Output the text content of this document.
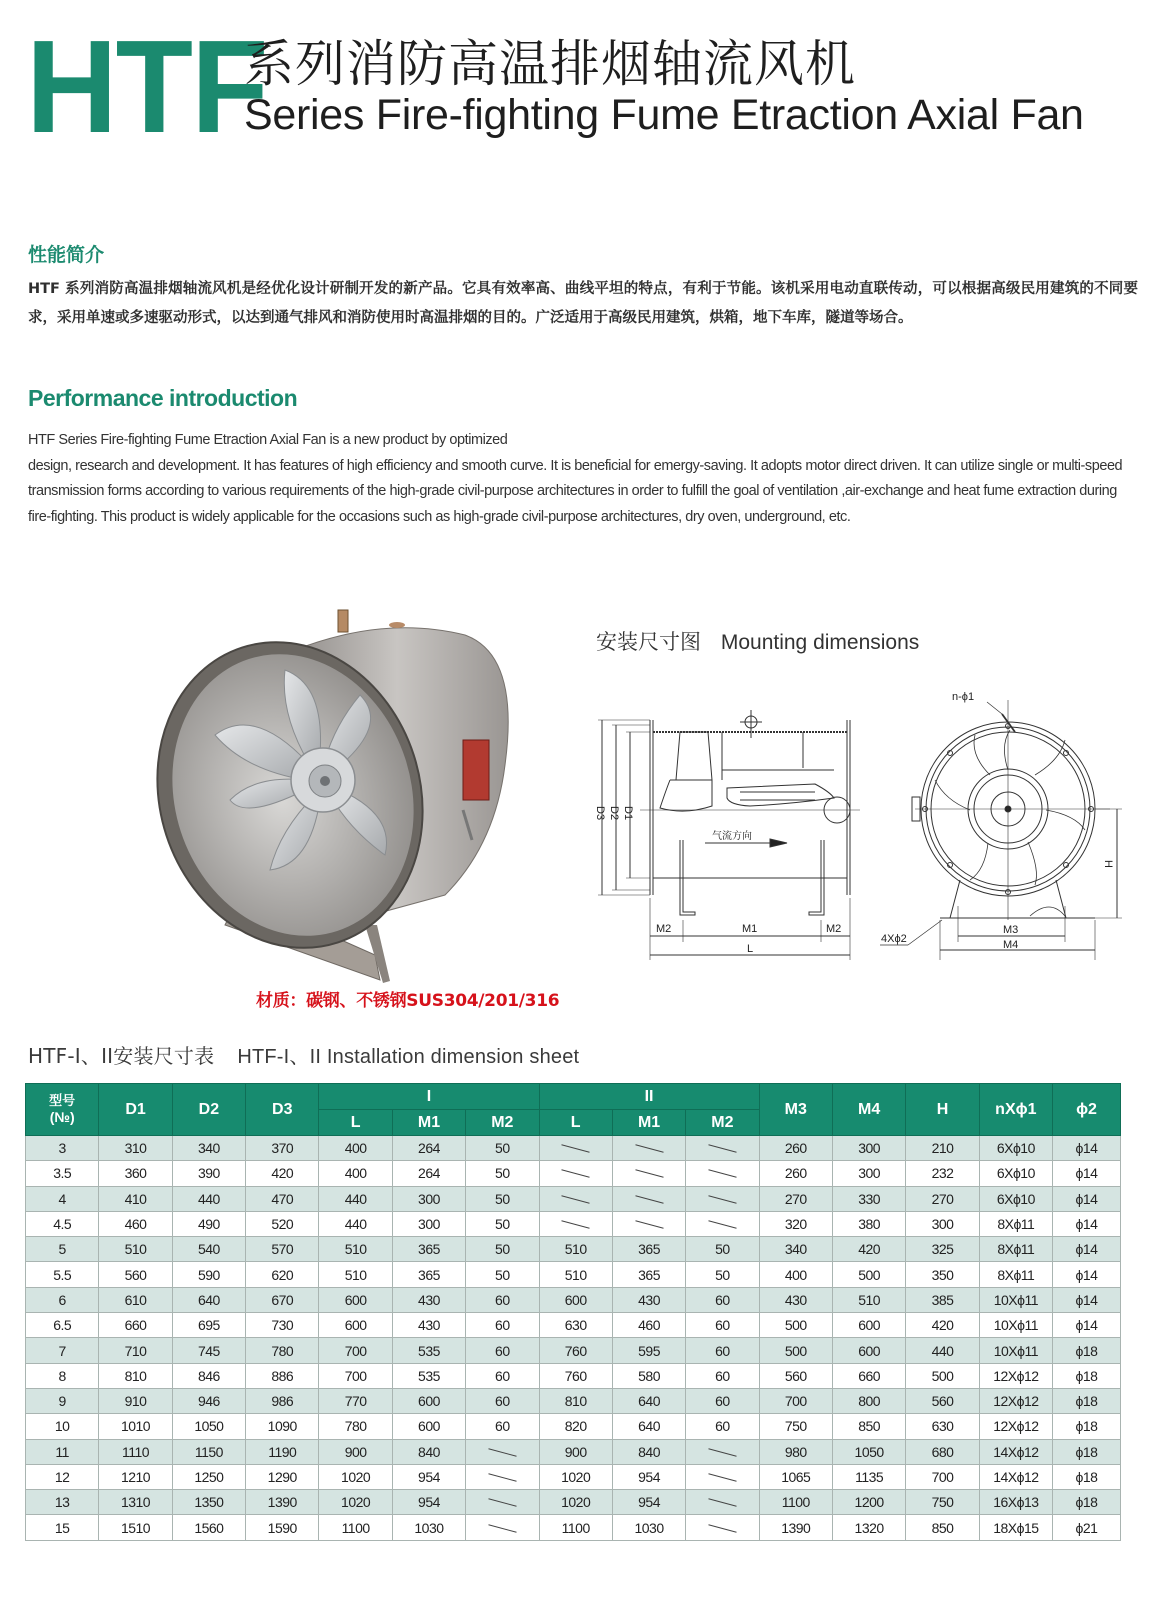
HTF
系列消防高温排烟轴流风机
Series Fire-fighting Fume Etraction Axial Fan
性能简介
HTF 系列消防高温排烟轴流风机是经优化设计研制开发的新产品。它具有效率高、曲线平坦的特点，有利于节能。该机采用电动直联传动，可以根据高级民用建筑的不同要求，采用单速或多速驱动形式，以达到通气排风和消防使用时高温排烟的目的。广泛适用于高级民用建筑，烘箱，地下车库，隧道等场合。
Performance introduction

HTF Series Fire-fighting Fume Etraction Axial Fan is a new product by optimized

design, research and development. It has features of high efficiency and smooth curve. It is beneficial for emergy-saving. It adopts motor direct driven. It can utilize single or multi-speed transmission forms according to various requirements of the high-grade civil-purpose architectures in order to fulfill the goal of ventilation ,air-exchange and heat fume extraction during fire-fighting. This product is widely applicable for the occasions such as high-grade civil-purpose architectures, dry oven, underground, etc.

材质：碳钢、不锈钢SUS304/201/316
安装尺寸图 Mounting dimensions
气流方向
D3 D2 D1
M2	M1	M2
L
H
M3
M4
n-ϕ1
4Xϕ2
HTF-I、II安装尺寸表 HTF-I、II Installation dimension sheet
型号
(№)	D1	D2	D3	I			II			M3	M4	H	nXϕ1	ϕ2
				L	M1	M2	L	M1	M2					
3	310	340	370	400	264	50				260	300	210	6Xϕ10	ϕ14
3.5	360	390	420	400	264	50				260	300	232	6Xϕ10	ϕ14
4	410	440	470	440	300	50				270	330	270	6Xϕ10	ϕ14
4.5	460	490	520	440	300	50				320	380	300	8Xϕ11	ϕ14
5	510	540	570	510	365	50	510	365	50	340	420	325	8Xϕ11	ϕ14
5.5	560	590	620	510	365	50	510	365	50	400	500	350	8Xϕ11	ϕ14
6	610	640	670	600	430	60	600	430	60	430	510	385	10Xϕ11	ϕ14
6.5	660	695	730	600	430	60	630	460	60	500	600	420	10Xϕ11	ϕ14
7	710	745	780	700	535	60	760	595	60	500	600	440	10Xϕ11	ϕ18
8	810	846	886	700	535	60	760	580	60	560	660	500	12Xϕ12	ϕ18
9	910	946	986	770	600	60	810	640	60	700	800	560	12Xϕ12	ϕ18
10	1010	1050	1090	780	600	60	820	640	60	750	850	630	12Xϕ12	ϕ18
11	1110	1150	1190	900	840		900	840		980	1050	680	14Xϕ12	ϕ18
12	1210	1250	1290	1020	954		1020	954		1065	1135	700	14Xϕ12	ϕ18
13	1310	1350	1390	1020	954		1020	954		1100	1200	750	16Xϕ13	ϕ18
15	1510	1560	1590	1100	1030		1100	1030		1390	1320	850	18Xϕ15	ϕ21
